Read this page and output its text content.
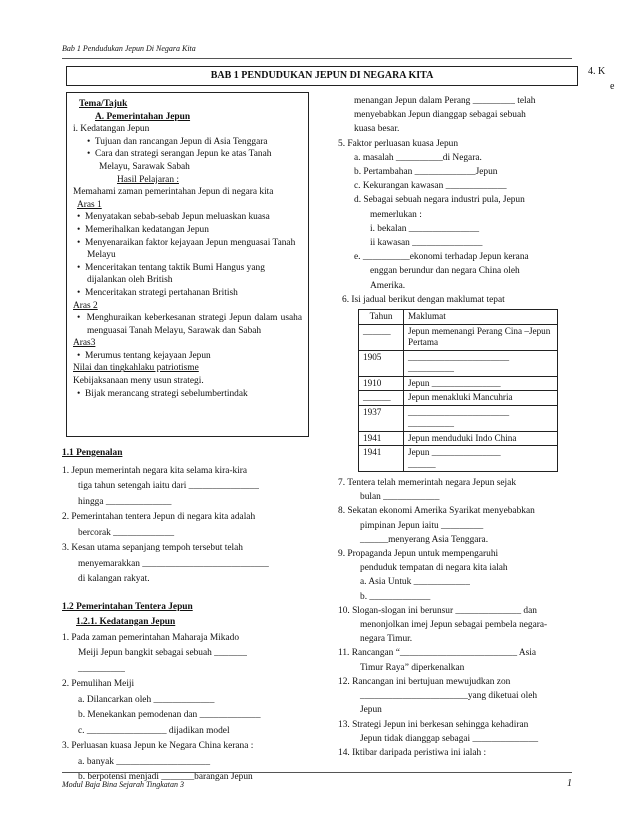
Bab 1 Pendudukan Jepun Di Negara Kita
BAB 1 PENDUDUKAN JEPUN DI NEGARA KITA	4. K
e
Tema/Tajuk
A. Pemerintahan Jepun
i. Kedatangan Jepun
•  Tujuan dan rancangan Jepun di Asia Tenggara
•  Cara dan strategi serangan Jepun ke atas Tanah Melayu, Sarawak Sabah
Hasil Pelajaran :
Memahami zaman pemerintahan Jepun di negara kita
Aras 1
•  Menyatakan sebab-sebab Jepun meluaskan kuasa
•  Memerihalkan kedatangan Jepun
•  Menyenaraikan faktor kejayaan Jepun menguasai Tanah Melayu
•  Menceritakan tentang taktik Bumi Hangus yang dijalankan oleh British
•  Menceritakan strategi pertahanan British
Aras 2
•  Menghuraikan keberkesanan strategi Jepun dalam usaha menguasai Tanah Melayu, Sarawak dan Sabah
Aras3
•  Merumus tentang kejayaan Jepun
Nilai dan tingkahlaku patriotisme
Kebijaksanaan meny usun strategi.
•  Bijak merancang strategi sebelumbertindak
1.1 Pengenalan
1. Jepun memerintah negara kita selama kira-kira
tiga tahun setengah iaitu dari _______________
hingga ______________
2. Pemerintahan tentera Jepun di negara kita adalah
bercorak _____________
3. Kesan utama sepanjang tempoh tersebut telah
menyemarakkan ___________________________
di kalangan rakyat.
1.2 Pemerintahan Tentera Jepun
1.2.1. Kedatangan Jepun
1. Pada zaman pemerintahan Maharaja Mikado
Meiji Jepun bangkit sebagai sebuah _______
__________
2. Pemulihan Meiji
a. Dilancarkan oleh _____________
b. Menekankan pemodenan dan _____________
c. _________________ dijadikan model
3. Perluasan kuasa Jepun ke Negara China kerana :
a. banyak ____________________
b. berpotensi menjadi _______barangan Jepun
menangan Jepun dalam Perang _________ telah
menyebabkan Jepun dianggap sebagai sebuah
kuasa besar.
5. Faktor perluasan kuasa Jepun
a. masalah __________di Negara.
b. Pertambahan _____________Jepun
c. Kekurangan kawasan _____________
d. Sebagai sebuah negara industri pula, Jepun
memerlukan :
i. bekalan _______________
ii kawasan _______________
e. __________ekonomi terhadap Jepun kerana
enggan berundur dan negara China oleh
Amerika.
6. Isi jadual berikut dengan maklumat tepat
Tahun	Maklumat
______	Jepun memenangi Perang Cina –Jepun Pertama
1905	______________________
__________
1910	Jepun _______________
______	Jepun menakluki Mancuhria
1937	______________________
__________
1941	Jepun menduduki Indo China
1941	Jepun _______________
______
7. Tentera telah memerintah negara Jepun sejak
bulan ____________
8. Sekatan ekonomi Amerika Syarikat menyebabkan
pimpinan Jepun iaitu _________
______menyerang Asia Tenggara.
9. Propaganda Jepun untuk mempengaruhi
penduduk tempatan di negara kita ialah
a. Asia Untuk ____________
b. _____________
10. Slogan-slogan ini berunsur ______________ dan
menonjolkan imej Jepun sebagai pembela negara-
negara Timur.
11. Rancangan “_________________________ Asia
Timur Raya” diperkenalkan
12. Rancangan ini bertujuan mewujudkan zon
_______________________yang diketuai oleh
Jepun
13. Strategi Jepun ini berkesan sehingga kehadiran
Jepun tidak dianggap sebagai ______________
14. Iktibar daripada peristiwa ini ialah :
Modul Baja Bina Sejarah Tingkatan 3	1
